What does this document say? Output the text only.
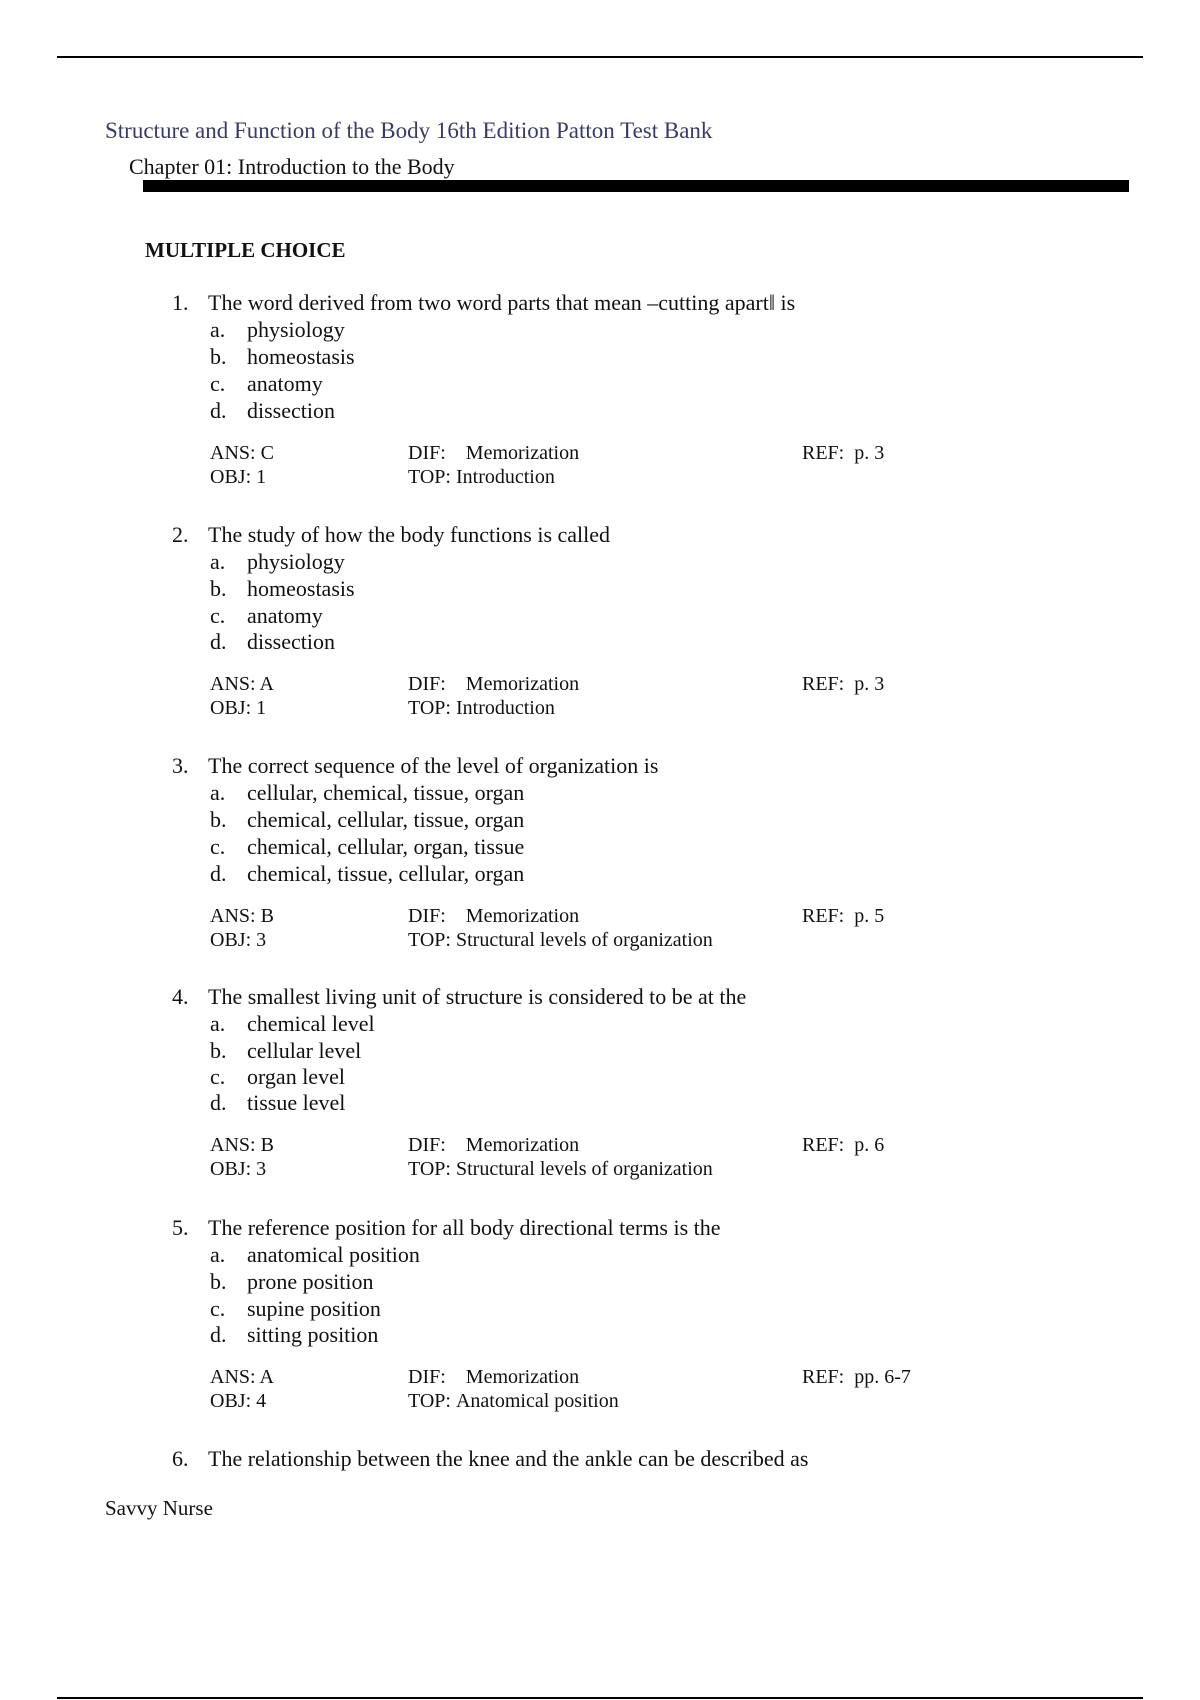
Structure and Function of the Body 16th Edition Patton Test Bank
Chapter 01: Introduction to the Body
MULTIPLE CHOICE
1. The word derived from two word parts that mean –cutting apart‖ is
a. physiology
b. homeostasis
c. anatomy
d. dissection
ANS: C
OBJ: 1
DIF: Memorization
TOP: Introduction
REF: p. 3
2. The study of how the body functions is called
a. physiology
b. homeostasis
c. anatomy
d. dissection
ANS: A
OBJ: 1
DIF: Memorization
TOP: Introduction
REF: p. 3
3. The correct sequence of the level of organization is
a. cellular, chemical, tissue, organ
b. chemical, cellular, tissue, organ
c. chemical, cellular, organ, tissue
d. chemical, tissue, cellular, organ
ANS: B
OBJ: 3
DIF: Memorization
TOP: Structural levels of organization
REF: p. 5
4. The smallest living unit of structure is considered to be at the
a. chemical level
b. cellular level
c. organ level
d. tissue level
ANS: B
OBJ: 3
DIF: Memorization
TOP: Structural levels of organization
REF: p. 6
5. The reference position for all body directional terms is the
a. anatomical position
b. prone position
c. supine position
d. sitting position
ANS: A
OBJ: 4
DIF: Memorization
TOP: Anatomical position
REF: pp. 6-7
6. The relationship between the knee and the ankle can be described as
Savvy Nurse
